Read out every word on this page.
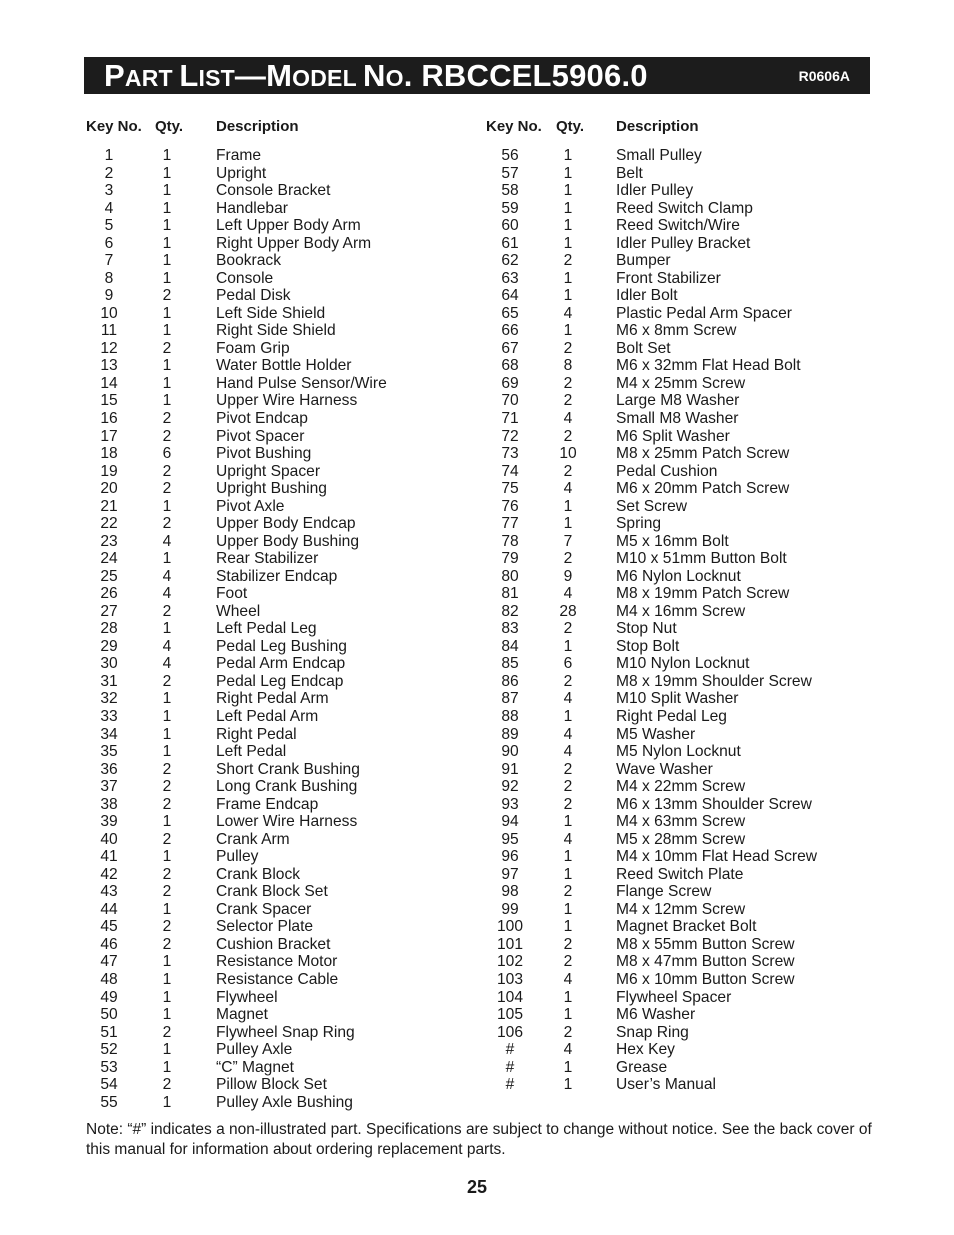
PART LIST—MODEL NO. RBCCEL5906.0	R0606A
Key No. Qty. Description	Key No. Qty. Description
1	1	Frame
2	1	Upright
3	1	Console Bracket
4	1	Handlebar
5	1	Left Upper Body Arm
6	1	Right Upper Body Arm
7	1	Bookrack
8	1	Console
9	2	Pedal Disk
10	1	Left Side Shield
11	1	Right Side Shield
12	2	Foam Grip
13	1	Water Bottle Holder
14	1	Hand Pulse Sensor/Wire
15	1	Upper Wire Harness
16	2	Pivot Endcap
17	2	Pivot Spacer
18	6	Pivot Bushing
19	2	Upright Spacer
20	2	Upright Bushing
21	1	Pivot Axle
22	2	Upper Body Endcap
23	4	Upper Body Bushing
24	1	Rear Stabilizer
25	4	Stabilizer Endcap
26	4	Foot
27	2	Wheel
28	1	Left Pedal Leg
29	4	Pedal Leg Bushing
30	4	Pedal Arm Endcap
31	2	Pedal Leg Endcap
32	1	Right Pedal Arm
33	1	Left Pedal Arm
34	1	Right Pedal
35	1	Left Pedal
36	2	Short Crank Bushing
37	2	Long Crank Bushing
38	2	Frame Endcap
39	1	Lower Wire Harness
40	2	Crank Arm
41	1	Pulley
42	2	Crank Block
43	2	Crank Block Set
44	1	Crank Spacer
45	2	Selector Plate
46	2	Cushion Bracket
47	1	Resistance Motor
48	1	Resistance Cable
49	1	Flywheel
50	1	Magnet
51	2	Flywheel Snap Ring
52	1	Pulley Axle
53	1	“C” Magnet
54	2	Pillow Block Set
55	1	Pulley Axle Bushing
56	1	Small Pulley
57	1	Belt
58	1	Idler Pulley
59	1	Reed Switch Clamp
60	1	Reed Switch/Wire
61	1	Idler Pulley Bracket
62	2	Bumper
63	1	Front Stabilizer
64	1	Idler Bolt
65	4	Plastic Pedal Arm Spacer
66	1	M6 x 8mm Screw
67	2	Bolt Set
68	8	M6 x 32mm Flat Head Bolt
69	2	M4 x 25mm Screw
70	2	Large M8 Washer
71	4	Small M8 Washer
72	2	M6 Split Washer
73	10	M8 x 25mm Patch Screw
74	2	Pedal Cushion
75	4	M6 x 20mm Patch Screw
76	1	Set Screw
77	1	Spring
78	7	M5 x 16mm Bolt
79	2	M10 x 51mm Button Bolt
80	9	M6 Nylon Locknut
81	4	M8 x 19mm Patch Screw
82	28	M4 x 16mm Screw
83	2	Stop Nut
84	1	Stop Bolt
85	6	M10 Nylon Locknut
86	2	M8 x 19mm Shoulder Screw
87	4	M10 Split Washer
88	1	Right Pedal Leg
89	4	M5 Washer
90	4	M5 Nylon Locknut
91	2	Wave Washer
92	2	M4 x 22mm Screw
93	2	M6 x 13mm Shoulder Screw
94	1	M4 x 63mm Screw
95	4	M5 x 28mm Screw
96	1	M4 x 10mm Flat Head Screw
97	1	Reed Switch Plate
98	2	Flange Screw
99	1	M4 x 12mm Screw
100	1	Magnet Bracket Bolt
101	2	M8 x 55mm Button Screw
102	2	M8 x 47mm Button Screw
103	4	M6 x 10mm Button Screw
104	1	Flywheel Spacer
105	1	M6 Washer
106	2	Snap Ring
#	4	Hex Key
#	1	Grease
#	1	User’s Manual
Note: “#” indicates a non-illustrated part. Specifications are subject to change without notice. See the back cover of this manual for information about ordering replacement parts.
25
